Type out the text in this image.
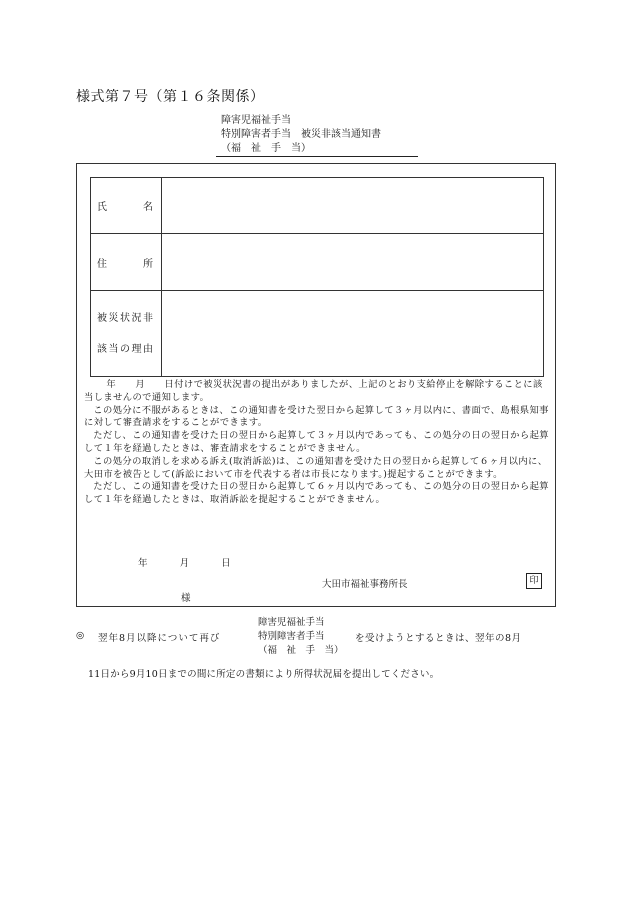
様式第７号（第１６条関係）
障害児福祉手当
特別障害者手当　被災非該当通知書
（福　祉　手　当）
氏 名	

住 所	

被災状況非
該当の理由	

年　　月　　日付けで被災状況書の提出がありましたが、上記のとおり支給停止を解除することに該当しませんので通知します。

この処分に不服があるときは、この通知書を受けた翌日から起算して３ヶ月以内に、書面で、島根県知事に対して審査請求をすることができます。

ただし、この通知書を受けた日の翌日から起算して３ヶ月以内であっても、この処分の日の翌日から起算して１年を経過したときは、審査請求をすることができません。

この処分の取消しを求める訴え(取消訴訟)は、この通知書を受けた日の翌日から起算して６ヶ月以内に、大田市を被告として(訴訟において市を代表する者は市長になります。)提起することができます。

ただし、この通知書を受けた日の翌日から起算して６ヶ月以内であっても、この処分の日の翌日から起算して１年を経過したときは、取消訴訟を提起することができません。

年	月	日
大田市福祉事務所長	印
様
◎ 翌年8月以降について再び
障害児福祉手当
特別障害者手当
（福　祉　手　当）
を受けようとするときは、翌年の8月
11日から9月10日までの間に所定の書類により所得状況届を提出してください。
